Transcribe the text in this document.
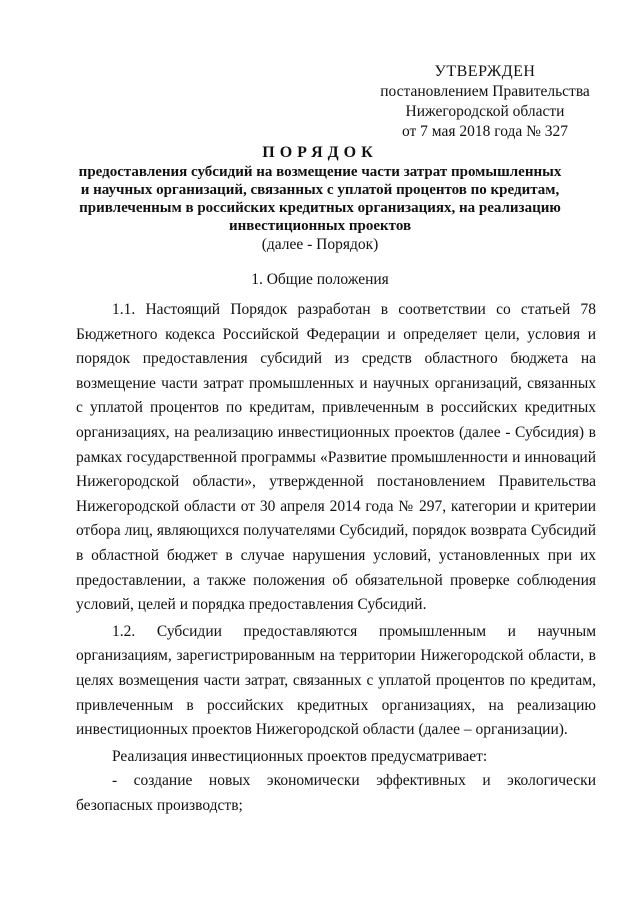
УТВЕРЖДЕН
постановлением Правительства
Нижегородской области
от 7 мая 2018 года № 327
ПОРЯДОК
предоставления субсидий на возмещение части затрат промышленных
и научных организаций, связанных с уплатой процентов по кредитам,
привлеченным в российских кредитных организациях, на реализацию
инвестиционных проектов
(далее - Порядок)
1. Общие положения

1.1. Настоящий Порядок разработан в соответствии со статьей 78 Бюджетного кодекса Российской Федерации и определяет цели, условия и порядок предоставления субсидий из средств областного бюджета на возмещение части затрат промышленных и научных организаций, связанных с уплатой процентов по кредитам, привлеченным в российских кредитных организациях, на реализацию инвестиционных проектов (далее - Субсидия) в рамках государственной программы «Развитие промышленности и инноваций Нижегородской области», утвержденной постановлением Правительства Нижегородской области от 30 апреля 2014 года № 297, категории и критерии отбора лиц, являющихся получателями Субсидий, порядок возврата Субсидий в областной бюджет в случае нарушения условий, установленных при их предоставлении, а также положения об обязательной проверке соблюдения условий, целей и порядка предоставления Субсидий.

1.2. Субсидии предоставляются промышленным и научным организациям, зарегистрированным на территории Нижегородской области, в целях возмещения части затрат, связанных с уплатой процентов по кредитам, привлеченным в российских кредитных организациях, на реализацию инвестиционных проектов Нижегородской области (далее – организации).

Реализация инвестиционных проектов предусматривает:

- создание новых экономически эффективных и экологически безопасных производств;
